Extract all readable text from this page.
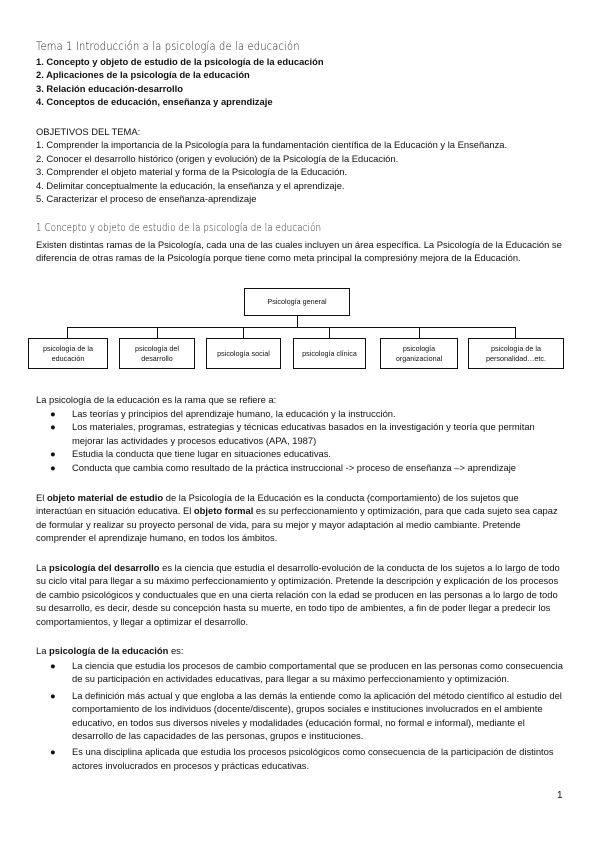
Tema 1 Introducción a la psicología de la educación
1. Concepto y objeto de estudio de la psicología de la educación
2. Aplicaciones de la psicología de la educación
3. Relación educación-desarrollo
4. Conceptos de educación, enseñanza y aprendizaje
OBJETIVOS DEL TEMA:
1. Comprender la importancia de la Psicología para la fundamentación científica de la Educación y la Enseñanza.
2. Conocer el desarrollo histórico (origen y evolución) de la Psicología de la Educación.
3. Comprender el objeto material y forma de la Psicología de la Educación.
4. Delimitar conceptualmente la educación, la enseñanza y el aprendizaje.
5. Caracterizar el proceso de enseñanza-aprendizaje
1 Concepto y objeto de estudio de la psicología de la educación
Existen distintas ramas de la Psicología, cada una de las cuales incluyen un área específica. La Psicología de la Educación se diferencia de otras ramas de la Psicología porque tiene como meta principal la compresióny mejora de la Educación.
Psicología general
psicología de la educación
psicología del desarrollo
psicología social	psicología clínica
psicología organizacional
psicología de la personalidad…etc.
La psicología de la educación es la rama que se refiere a:
● Las teorías y principios del aprendizaje humano, la educación y la instrucción.
● Los materiales, programas, estrategias y técnicas educativas basados en la investigación y teoría que permitan mejorar las actividades y procesos educativos (APA, 1987)
● Estudia la conducta que tiene lugar en situaciones educativas.
● Conducta que cambia como resultado de la práctica instruccional -> proceso de enseñanza –> aprendizaje
El objeto material de estudio de la Psicología de la Educación es la conducta (comportamiento) de los sujetos que interactúan en situación educativa. El objeto formal es su perfeccionamiento y optimización, para que cada sujeto sea capaz de formular y realizar su proyecto personal de vida, para su mejor y mayor adaptación al medio cambiante. Pretende comprender el aprendizaje humano, en todos los ámbitos.
La psicología del desarrollo es la ciencia que estudia el desarrollo-evolución de la conducta de los sujetos a lo largo de todo su ciclo vital para llegar a su máximo perfeccionamiento y optimización. Pretende la descripción y explicación de los procesos de cambio psicológicos y conductuales que en una cierta relación con la edad se producen en las personas a lo largo de todo su desarrollo, es decir, desde su concepción hasta su muerte, en todo tipo de ambientes, a fin de poder llegar a predecir los comportamientos, y llegar a optimizar el desarrollo.
La psicología de la educación es:
● La ciencia que estudia los procesos de cambio comportamental que se producen en las personas como consecuencia de su participación en actividades educativas, para llegar a su máximo perfeccionamiento y optimización.
● La definición más actual y que engloba a las demás la entiende como la aplicación del método científico al estudio del comportamiento de los individuos (docente/discente), grupos sociales e instituciones involucrados en el ambiente educativo, en todos sus diversos niveles y modalidades (educación formal, no formal e informal), mediante el desarrollo de las capacidades de las personas, grupos e instituciones.
● Es una disciplina aplicada que estudia los procesos psicológicos como consecuencia de la participación de distintos actores involucrados en procesos y prácticas educativas.
1
